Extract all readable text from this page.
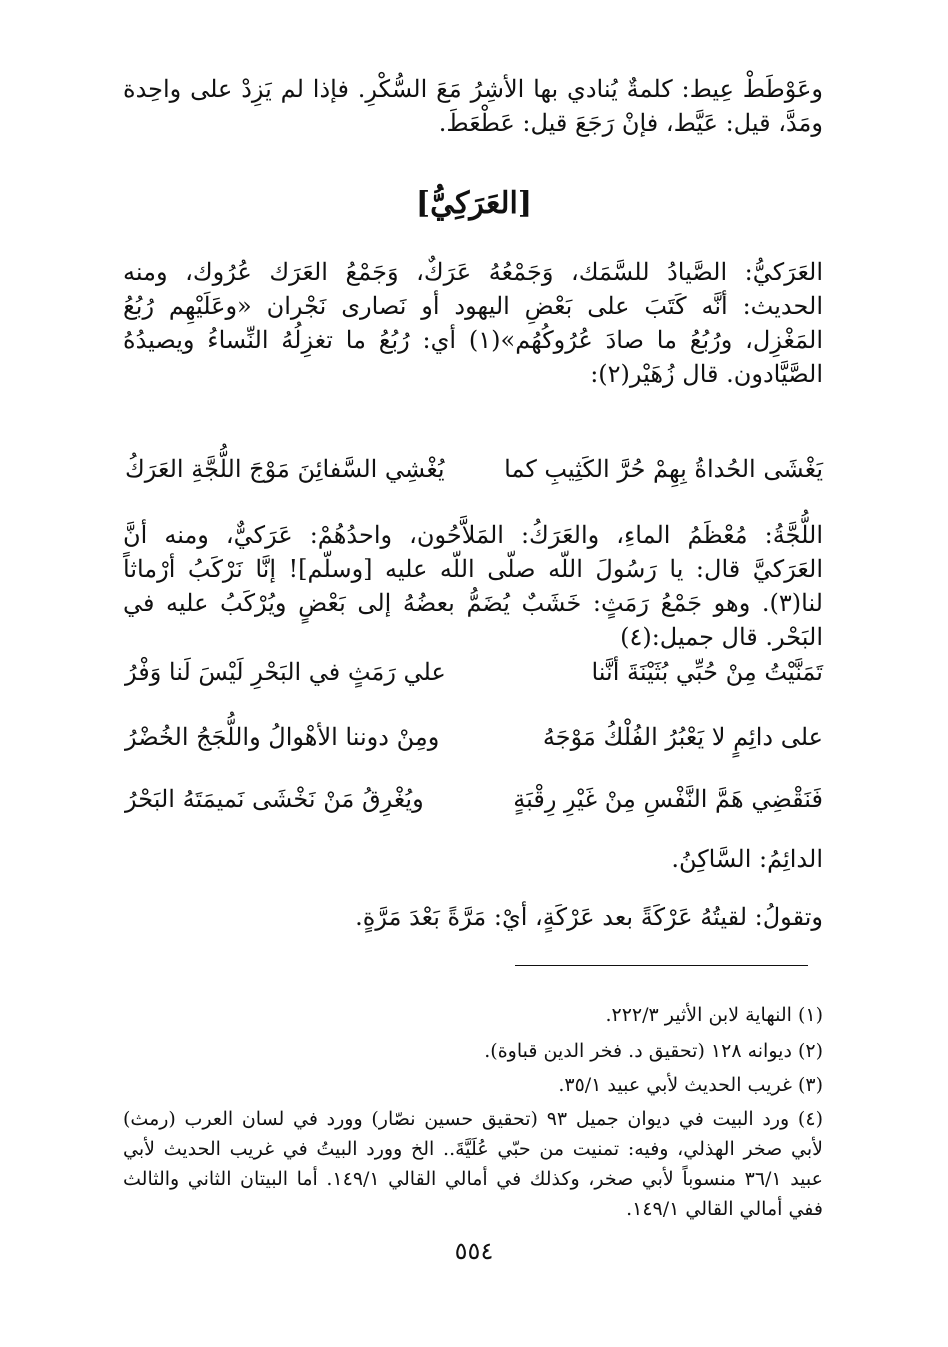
وعَوْطَطْ عِيط: كلمةٌ يُنادي بها الأشِرُ مَعَ السُّكْرِ. فإذا لم يَزِدْ على واحِدة ومَدَّ، قيل: عَيَّط، فإنْ رَجَعَ قيل: عَطْعَطَ.

[العَرَكِيُّ]

العَرَكيُّ: الصَّيادُ للسَّمَك، وَجَمْعُهُ عَرَكٌ، وَجَمْعُ العَرَك عُرُوك، ومنه الحديث: أنَّه كَتَبَ على بَعْضِ اليهود أو نَصارى نَجْران «وعَلَيْهِم رُبُعُ المَغْزِل، ورُبُعُ ما صادَ عُرُوكُهُم»(١) أي: رُبُعُ ما تغزِلُهُ النِّساءُ ويصيدُهُ الصَّيَّادون. قال زُهَيْر(٢):

يَغْشَى الحُداةُ بِهِمْ حُرَّ الكَثِيبِ كما
يُغْشِي السَّفائِنَ مَوْجَ اللُّجَّةِ العَرَكُ

اللُّجَّةُ: مُعْظَمُ الماءِ، والعَرَكُ: المَلاَّحُون، واحدُهُمْ: عَرَكيٌّ، ومنه أنَّ العَرَكيَّ قال: يا رَسُولَ اللّه صلّى اللّه عليه [وسلّم]! إنَّا نَرْكَبُ أرْماثاً لنا(٣). وهو جَمْعُ رَمَثٍ: خَشَبٌ يُضَمُّ بعضُهُ إلى بَعْضٍ ويُرْكَبُ عليه في البَحْر. قال جميل:(٤)

تَمَنَّيْتُ مِنْ حُبِّي بُثَيْنَةَ أنَّنا
علي رَمَثٍ في البَحْرِ لَيْسَ لَنا وَفْرُ
على دائِمٍ لا يَعْبُرُ الفُلْكُ مَوْجَهُ
ومِنْ دوننا الأهْوالُ واللُّجَجُ الخُضْرُ
فَنَقْضِي هَمَّ النَّفْسِ مِنْ غَيْرِ رِقْبَةٍ
ويُغْرِقُ مَنْ نَخْشَى نَميمَتَهُ البَحْرُ

الدائِمُ: السَّاكِنُ.

وتقولُ: لقيتُهُ عَرْكَةً بعد عَرْكَةٍ، أيْ: مَرَّةً بَعْدَ مَرَّةٍ.

(١) النهاية لابن الأثير ٢٢٢/٣.

(٢) ديوانه ١٢٨ (تحقيق د. فخر الدين قباوة).

(٣) غريب الحديث لأبي عبيد ٣٥/١.

(٤) ورد البيت في ديوان جميل ٩٣ (تحقيق حسين نصّار) وورد في لسان العرب (رمث) لأبي صخر الهذلي، وفيه: تمنيت من حبّي عُلَيَّةَ.. الخ وورد البيتُ في غريب الحديث لأبي عبيد ٣٦/١ منسوباً لأبي صخر، وكذلك في أمالي القالي ١٤٩/١. أما البيتان الثاني والثالث ففي أمالي القالي ١٤٩/١.

٥٥٤
